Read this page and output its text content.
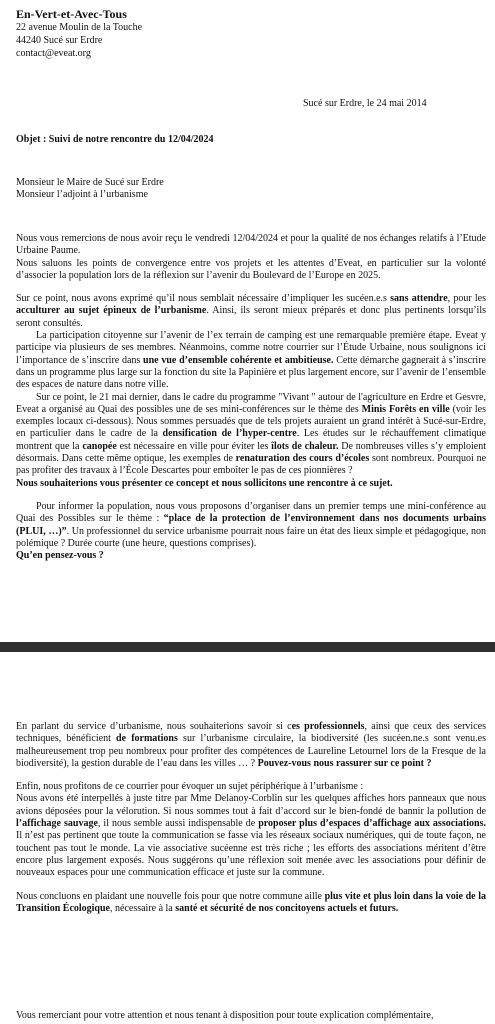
En-Vert-et-Avec-Tous
22 avenue Moulin de la Touche
44240 Sucé sur Erdre
contact@eveat.org
Sucé sur Erdre, le 24 mai 2014
Objet : Suivi de notre rencontre du 12/04/2024
Monsieur le Maire de Sucé sur Erdre
Monsieur l’adjoint à l’urbanisme

Nous vous remercions de nous avoir reçu le vendredi 12/04/2024 et pour la qualité de nos échanges relatifs à l’Etude Urbaine Paume.

Nous saluons les points de convergence entre vos projets et les attentes d’Eveat, en particulier sur la volonté d’associer la population lors de la réflexion sur l’avenir du Boulevard de l’Europe en 2025.

Sur ce point, nous avons exprimé qu’il nous semblait nécessaire d’impliquer les sucéen.e.s sans attendre, pour les acculturer au sujet épineux de l’urbanisme. Ainsi, ils seront mieux préparés et donc plus pertinents lorsqu’ils seront consultés.

La participation citoyenne sur l’avenir de l’ex terrain de camping est une remarquable première étape. Eveat y participe via plusieurs de ses membres. Néanmoins, comme notre courrier sur l’Étude Urbaine, nous soulignons ici l’importance de s’inscrire dans une vue d’ensemble cohérente et ambitieuse. Cette démarche gagnerait à s’inscrire dans un programme plus large sur la fonction du site la Papinière et plus largement encore, sur l’avenir de l’ensemble des espaces de nature dans notre ville.

Sur ce point, le 21 mai dernier, dans le cadre du programme "Vivant " autour de l'agriculture en Erdre et Gesvre, Eveat a organisé au Quai des possibles une de ses mini-conférences sur le thème des Minis Forêts en ville (voir les exemples locaux ci-dessous). Nous sommes persuadés que de tels projets auraient un grand intérêt à Sucé-sur-Erdre, en particulier dans le cadre de la densification de l’hyper-centre. Les études sur le réchauffement climatique montrent que la canopée est nécessaire en ville pour éviter les îlots de chaleur. De nombreuses villes s’y emploient désormais. Dans cette même optique, les exemples de renaturation des cours d’écoles sont nombreux. Pourquoi ne pas profiter des travaux à l’École Descartes pour emboîter le pas de ces pionnières ?

Nous souhaiterions vous présenter ce concept et nous sollicitons une rencontre à ce sujet.

Pour informer la population, nous vous proposons d’organiser dans un premier temps une mini-conférence au Quai des Possibles sur le thème : “place de la protection de l’environnement dans nos documents urbains (PLUI, …)”. Un professionnel du service urbanisme pourrait nous faire un état des lieux simple et pédagogique, non polémique ? Durée courte (une heure, questions comprises).

Qu’en pensez-vous ?

En parlant du service d’urbanisme, nous souhaiterions savoir si ces professionnels, ainsi que ceux des services techniques, bénéficient de formations sur l’urbanisme circulaire, la biodiversité (les sucéen.ne.s sont venu.es malheureusement trop peu nombreux pour profiter des compétences de Laureline Letournel lors de la Fresque de la biodiversité), la gestion durable de l’eau dans les villes … ? Pouvez-vous nous rassurer sur ce point ?

Enfin, nous profitons de ce courrier pour évoquer un sujet périphérique à l’urbanisme :

Nous avons été interpellés à juste titre par Mme Delanoy-Corblin sur les quelques affiches hors panneaux que nous avions déposées pour la vélorution. Si nous sommes tout à fait d’accord sur le bien-fondé de bannir la pollution de l’affichage sauvage, il nous semble aussi indispensable de proposer plus d’espaces d’affichage aux associations. Il n’est pas pertinent que toute la communication se fasse via les réseaux sociaux numériques, qui de toute façon, ne touchent pas tout le monde. La vie associative sucéenne est très riche ; les efforts des associations méritent d’être encore plus largement exposés. Nous suggérons qu’une réflexion soit menée avec les associations pour définir de nouveaux espaces pour une communication efficace et juste sur la commune.

Nous concluons en plaidant une nouvelle fois pour que notre commune aille plus vite et plus loin dans la voie de la Transition Écologique, nécessaire à la santé et sécurité de nos concitoyens actuels et futurs.

Vous remerciant pour votre attention et nous tenant à disposition pour toute explication complémentaire,
